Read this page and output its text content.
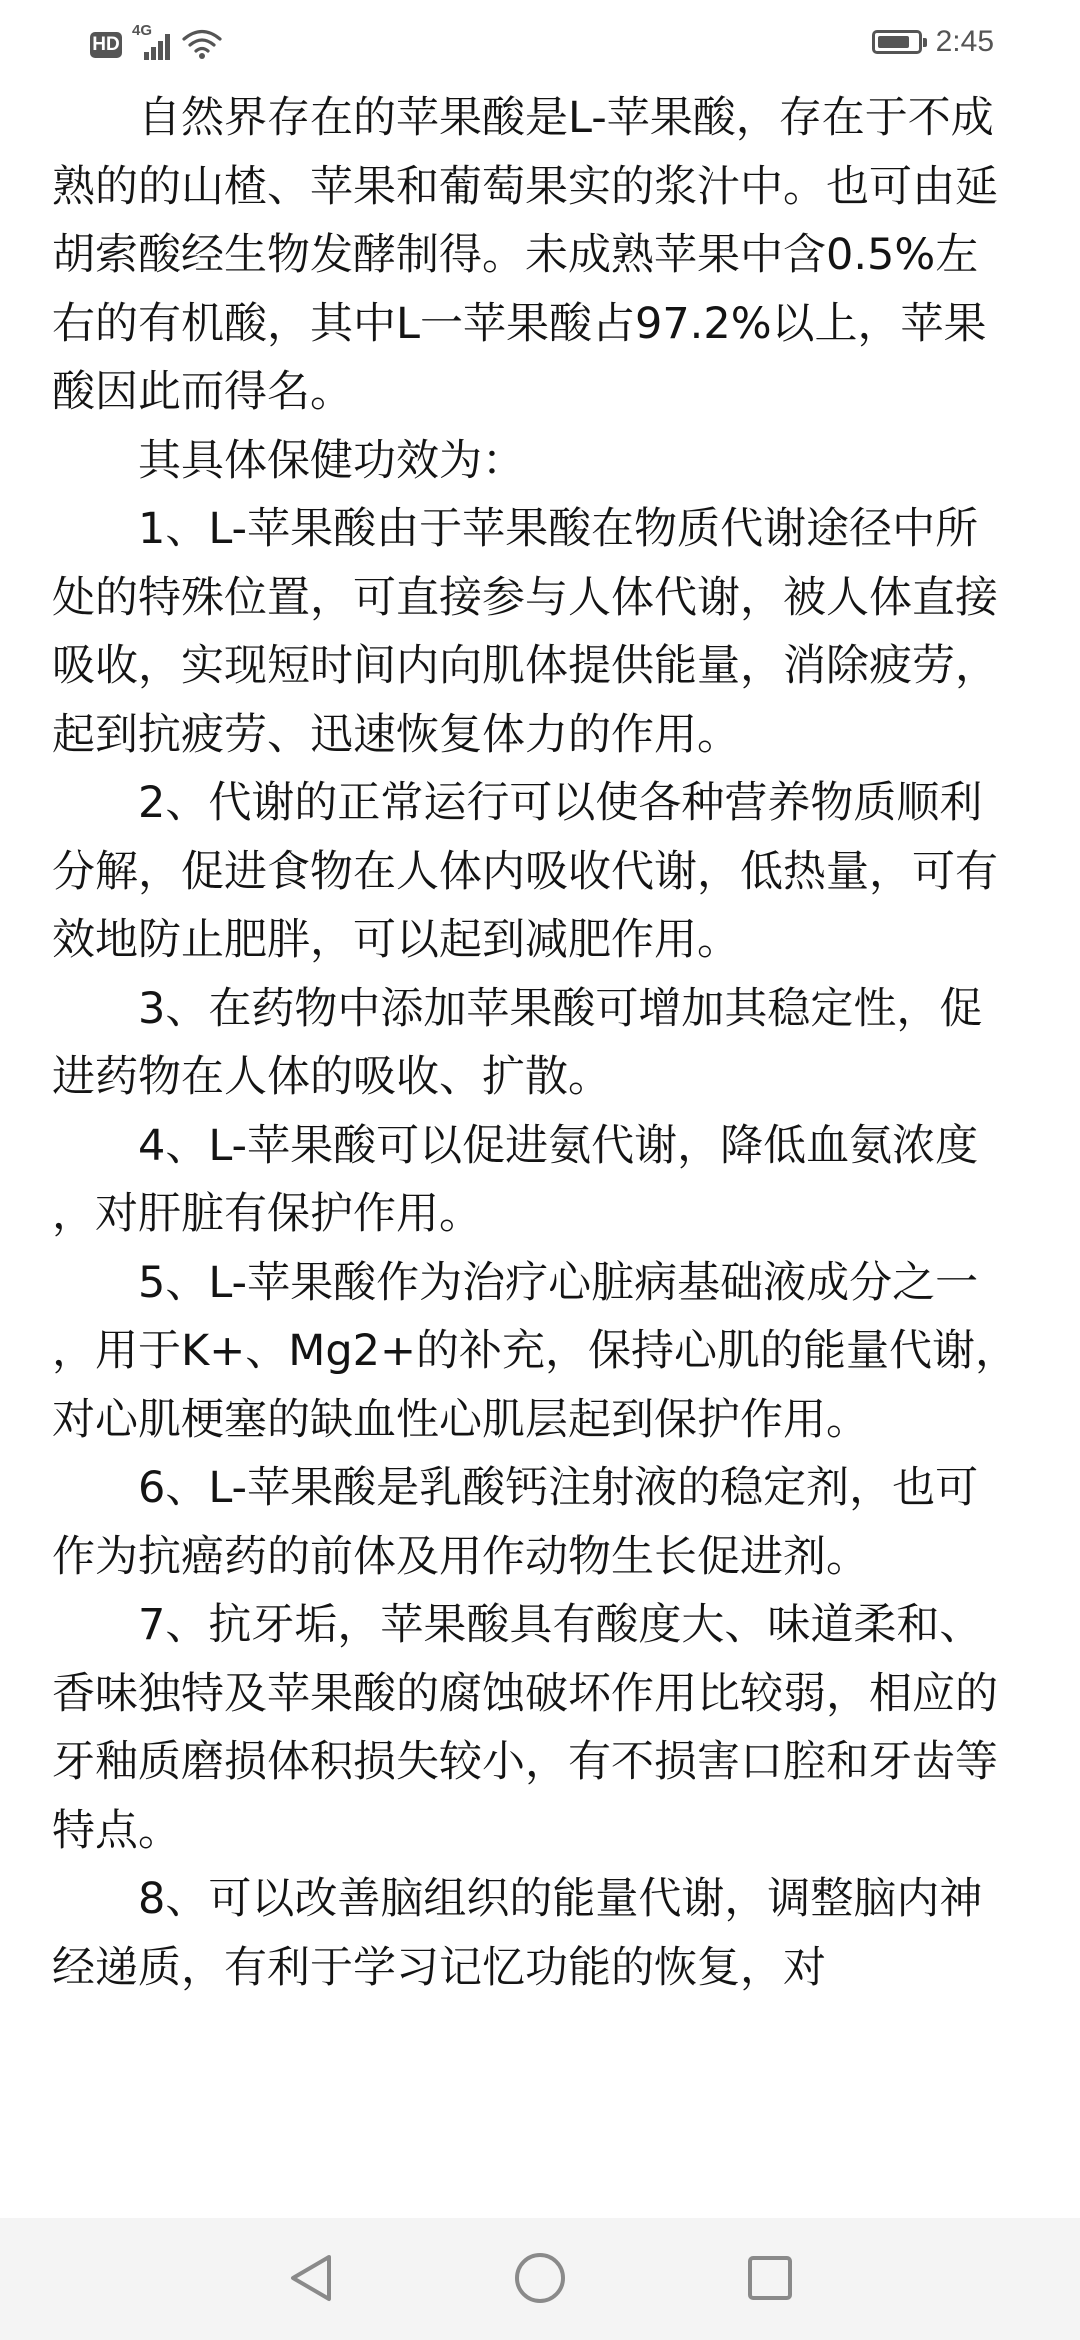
HD
4G	2:45

自然界存在的苹果酸是L-苹果酸，存在于不成熟的的山楂、苹果和葡萄果实的浆汁中。也可由延胡索酸经生物发酵制得。未成熟苹果中含0.5%左右的有机酸，其中L一苹果酸占97.2%以上，苹果酸因此而得名。

其具体保健功效为：

1、L-苹果酸由于苹果酸在物质代谢途径中所处的特殊位置，可直接参与人体代谢，被人体直接吸收，实现短时间内向肌体提供能量，消除疲劳，起到抗疲劳、迅速恢复体力的作用。

2、代谢的正常运行可以使各种营养物质顺利分解，促进食物在人体内吸收代谢，低热量，可有效地防止肥胖，可以起到减肥作用。

3、在药物中添加苹果酸可增加其稳定性，促进药物在人体的吸收、扩散。

4、L-苹果酸可以促进氨代谢，降低血氨浓度，对肝脏有保护作用。

5、L-苹果酸作为治疗心脏病基础液成分之一，用于K+、Mg2+的补充，保持心肌的能量代谢，对心肌梗塞的缺血性心肌层起到保护作用。

6、L-苹果酸是乳酸钙注射液的稳定剂，也可作为抗癌药的前体及用作动物生长促进剂。

7、抗牙垢，苹果酸具有酸度大、味道柔和、香味独特及苹果酸的腐蚀破坏作用比较弱，相应的牙釉质磨损体积损失较小，有不损害口腔和牙齿等特点。

8、可以改善脑组织的能量代谢，调整脑内神经递质，有利于学习记忆功能的恢复，对
